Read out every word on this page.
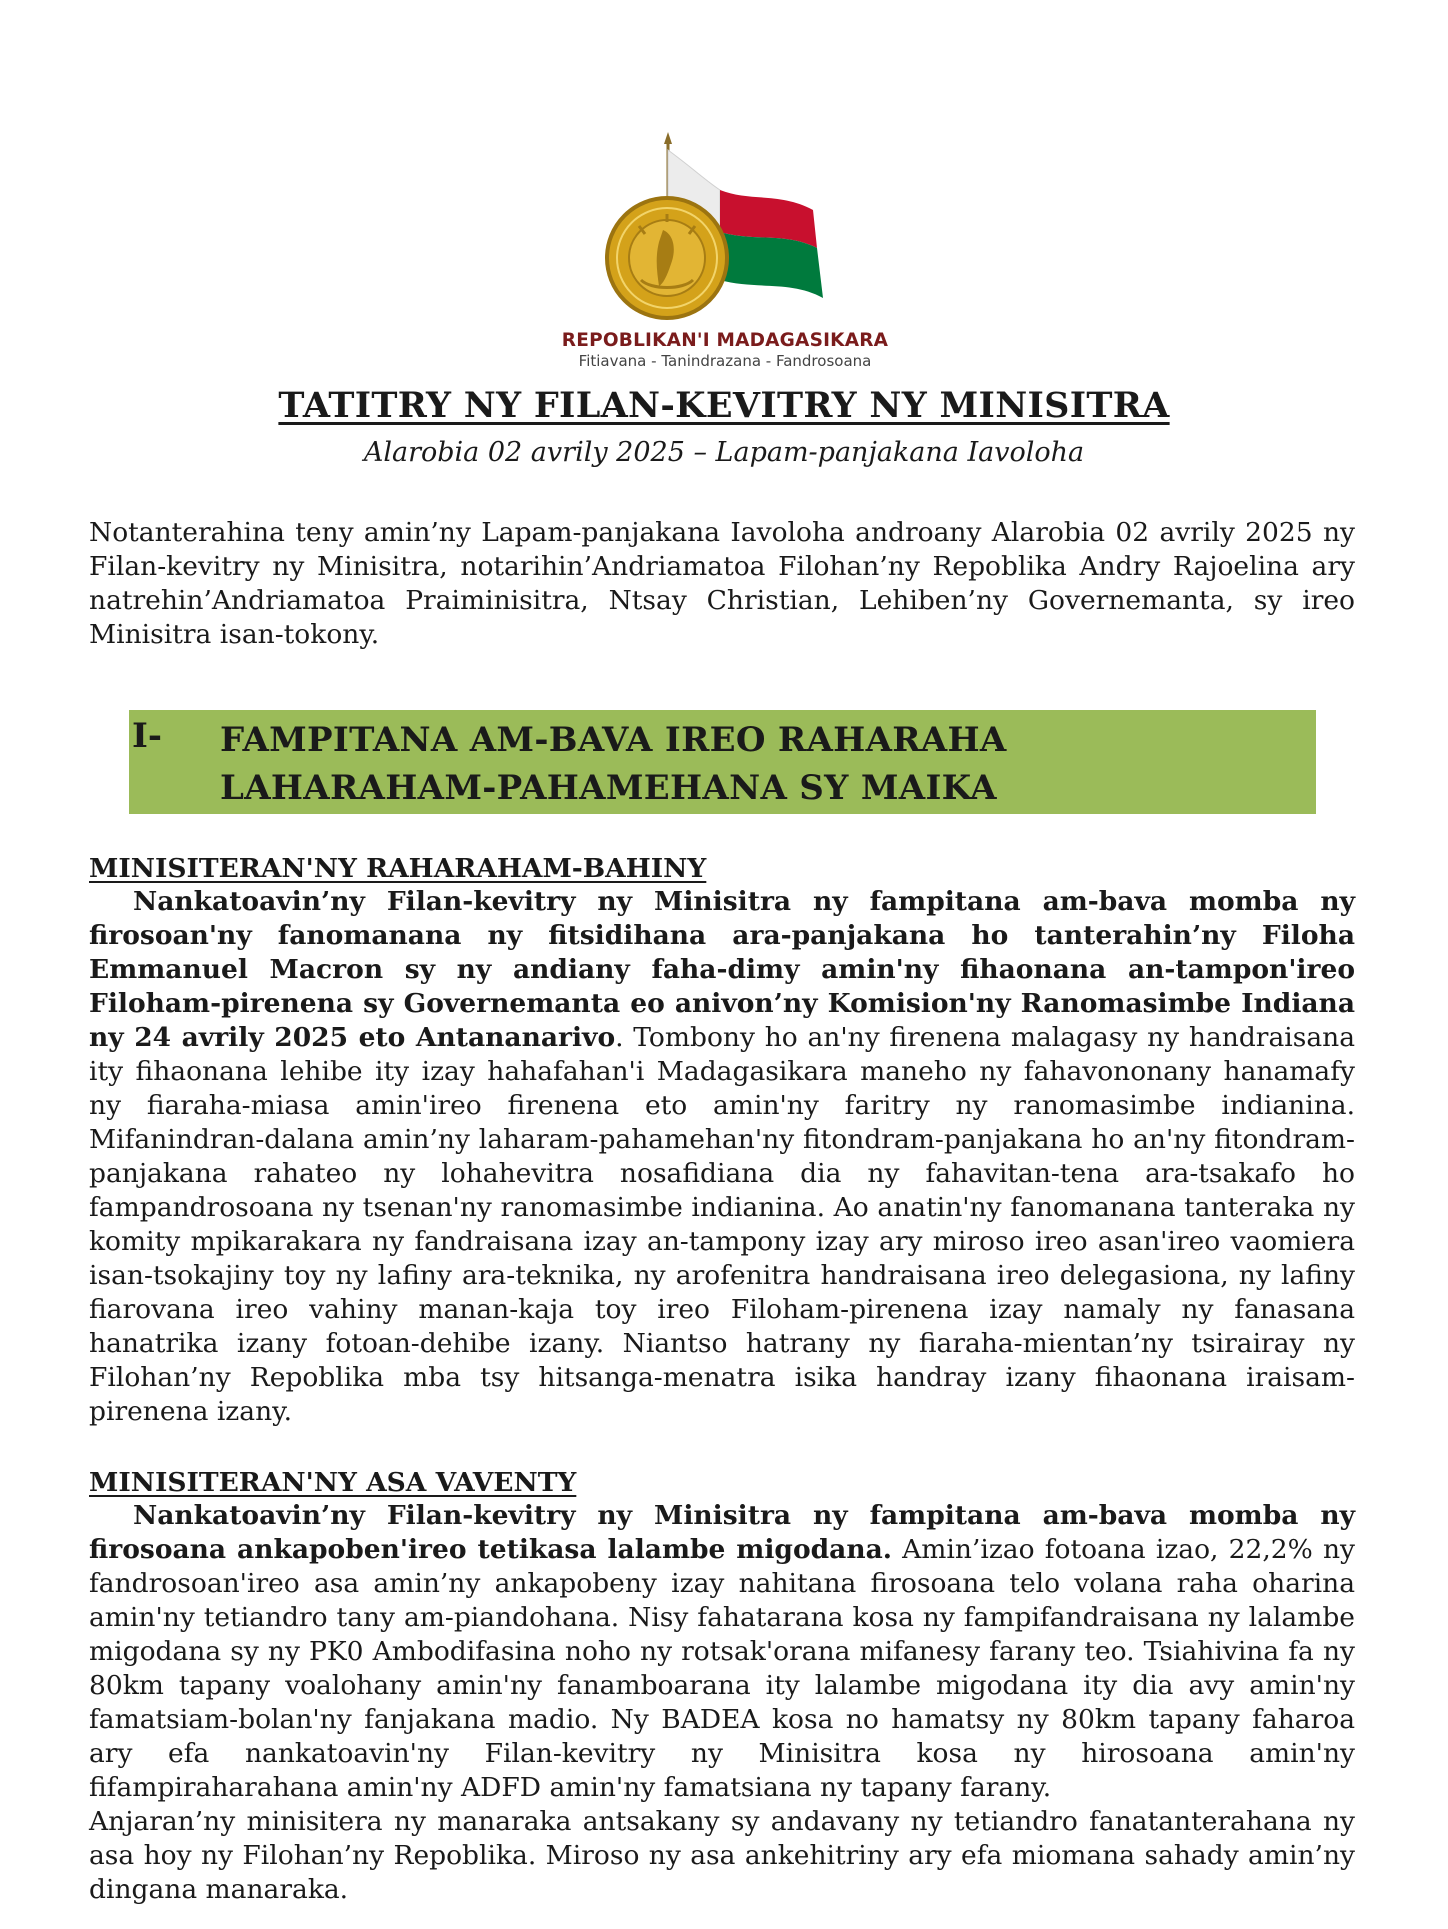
REPOBLIKAN'I MADAGASIKARA
Fitiavana - Tanindrazana - Fandrosoana
TATITRY NY FILAN-KEVITRY NY MINISITRA
Alarobia 02 avrily 2025 – Lapam-panjakana Iavoloha

Notanterahina teny amin’ny Lapam-panjakana Iavoloha androany Alarobia 02 avrily 2025 ny Filan-kevitry ny Minisitra, notarihin’Andriamatoa Filohan’ny Repoblika Andry Rajoelina ary natrehin’Andriamatoa Praiminisitra, Ntsay Christian, Lehiben’ny Governemanta, sy ireo Minisitra isan-tokony.

I- FAMPITANA AM-BAVA IREO RAHARAHA
LAHARAHAM-PAHAMEHANA SY MAIKA
MINISITERAN'NY RAHARAHAM-BAHINY

Nankatoavin’ny Filan-kevitry ny Minisitra ny fampitana am-bava momba ny firosoan'ny fanomanana ny fitsidihana ara-panjakana ho tanterahin’ny Filoha Emmanuel Macron sy ny andiany faha-dimy amin'ny fihaonana an-tampon'ireo Filoham-pirenena sy Governemanta eo anivon’ny Komision'ny Ranomasimbe Indiana ny 24 avrily 2025 eto Antananarivo. Tombony ho an'ny firenena malagasy ny handraisana ity fihaonana lehibe ity izay hahafahan'i Madagasikara maneho ny fahavononany hanamafy ny fiaraha-miasa amin'ireo firenena eto amin'ny faritry ny ranomasimbe indianina. Mifanindran-dalana amin’ny laharam-pahamehan'ny fitondram-panjakana ho an'ny fitondram-panjakana rahateo ny lohahevitra nosafidiana dia ny fahavitan-tena ara-tsakafo ho fampandrosoana ny tsenan'ny ranomasimbe indianina. Ao anatin'ny fanomanana tanteraka ny komity mpikarakara ny fandraisana izay an-tampony izay ary miroso ireo asan'ireo vaomiera isan-tsokajiny toy ny lafiny ara-teknika, ny arofenitra handraisana ireo delegasiona, ny lafiny fiarovana ireo vahiny manan-kaja toy ireo Filoham-pirenena izay namaly ny fanasana hanatrika izany fotoan-dehibe izany. Niantso hatrany ny fiaraha-mientan’ny tsirairay ny Filohan’ny Repoblika mba tsy hitsanga-menatra isika handray izany fihaonana iraisam-pirenena izany.

MINISITERAN'NY ASA VAVENTY

Nankatoavin’ny Filan-kevitry ny Minisitra ny fampitana am-bava momba ny firosoana ankapoben'ireo tetikasa lalambe migodana. Amin’izao fotoana izao, 22,2% ny fandrosoan'ireo asa amin’ny ankapobeny izay nahitana firosoana telo volana raha oharina amin'ny tetiandro tany am-piandohana. Nisy fahatarana kosa ny fampifandraisana ny lalambe migodana sy ny PK0 Ambodifasina noho ny rotsak'orana mifanesy farany teo. Tsiahivina fa ny 80km tapany voalohany amin'ny fanamboarana ity lalambe migodana ity dia avy amin'ny famatsiam-bolan'ny fanjakana madio. Ny BADEA kosa no hamatsy ny 80km tapany faharoa ary efa nankatoavin'ny Filan-kevitry ny Minisitra kosa ny hirosoana amin'ny fifampiraharahana amin'ny ADFD amin'ny famatsiana ny tapany farany.
Anjaran’ny minisitera ny manaraka antsakany sy andavany ny tetiandro fanatanterahana ny asa hoy ny Filohan’ny Repoblika. Miroso ny asa ankehitriny ary efa miomana sahady amin’ny dingana manaraka.
